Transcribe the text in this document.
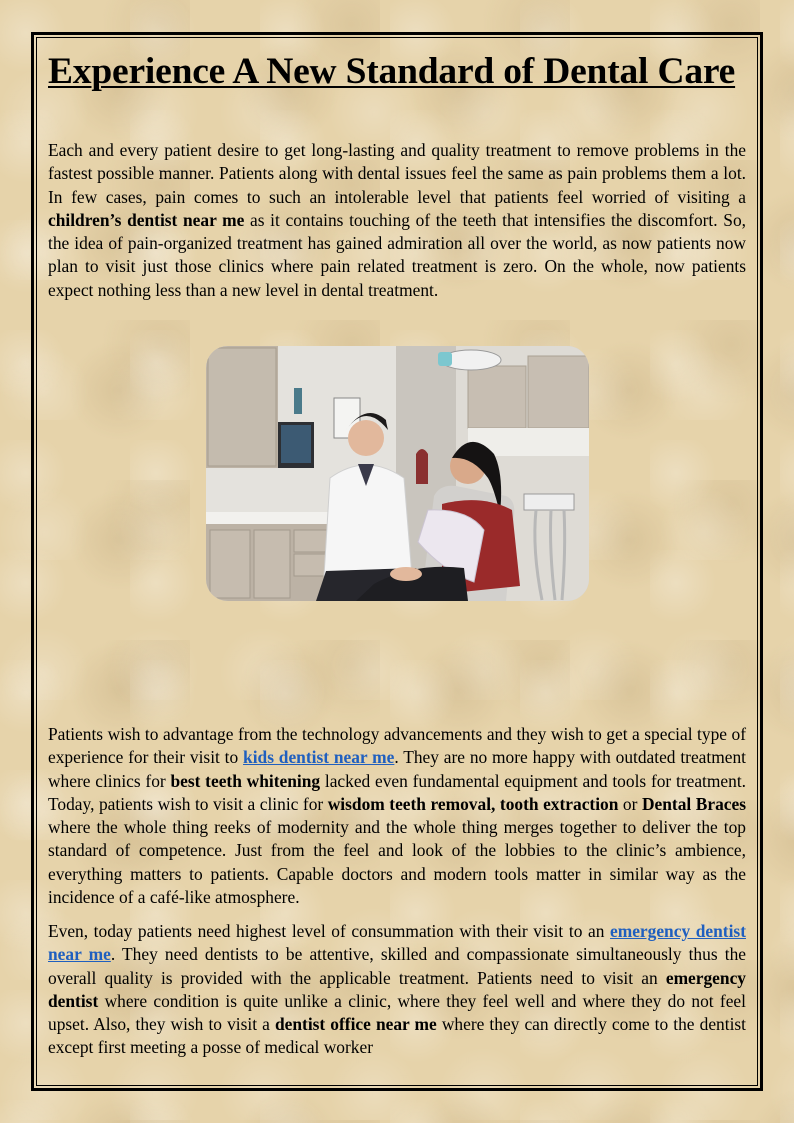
Experience A New Standard of Dental Care

Each and every patient desire to get long-lasting and quality treatment to remove problems in the fastest possible manner. Patients along with dental issues feel the same as pain problems them a lot. In few cases, pain comes to such an intolerable level that patients feel worried of visiting a children’s dentist near me as it contains touching of the teeth that intensifies the discomfort. So, the idea of pain-organized treatment has gained admiration all over the world, as now patients now plan to visit just those clinics where pain related treatment is zero. On the whole, now patients expect nothing less than a new level in dental treatment.

Patients wish to advantage from the technology advancements and they wish to get a special type of experience for their visit to kids dentist near me. They are no more happy with outdated treatment where clinics for best teeth whitening lacked even fundamental equipment and tools for treatment. Today, patients wish to visit a clinic for wisdom teeth removal, tooth extraction or Dental Braces where the whole thing reeks of modernity and the whole thing merges together to deliver the top standard of competence. Just from the feel and look of the lobbies to the clinic’s ambience, everything matters to patients. Capable doctors and modern tools matter in similar way as the incidence of a café-like atmosphere.

Even, today patients need highest level of consummation with their visit to an emergency dentist near me. They need dentists to be attentive, skilled and compassionate simultaneously thus the overall quality is provided with the applicable treatment. Patients need to visit an emergency dentist where condition is quite unlike a clinic, where they feel well and where they do not feel upset. Also, they wish to visit a dentist office near me where they can directly come to the dentist except first meeting a posse of medical worker
